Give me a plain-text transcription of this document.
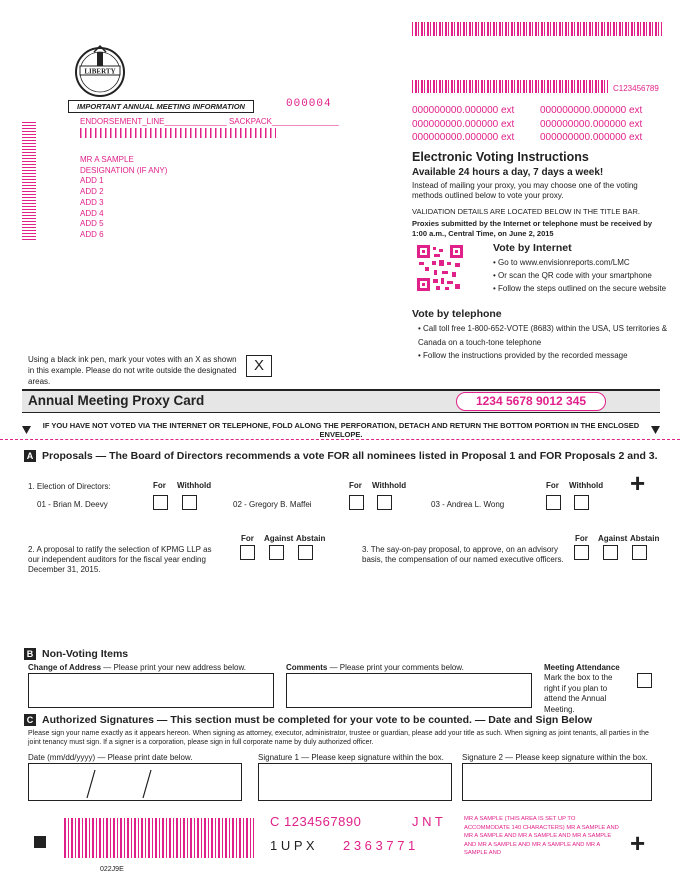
LIBERTY
IMPORTANT ANNUAL MEETING INFORMATION	000004
ENDORSEMENT_LINE______________ SACKPACK_______________
MR A SAMPLE
DESIGNATION (IF ANY)
ADD 1
ADD 2
ADD 3
ADD 4
ADD 5
ADD 6
C123456789
000000000.000000 ext	000000000.000000 ext
000000000.000000 ext	000000000.000000 ext
000000000.000000 ext	000000000.000000 ext
Electronic Voting Instructions
Available 24 hours a day, 7 days a week!
Instead of mailing your proxy, you may choose one of the voting methods outlined below to vote your proxy.
VALIDATION DETAILS ARE LOCATED BELOW IN THE TITLE BAR.
Proxies submitted by the Internet or telephone must be received by 1:00 a.m., Central Time, on June 2, 2015
Vote by Internet
• Go to www.envisionreports.com/LMC
• Or scan the QR code with your smartphone
• Follow the steps outlined on the secure website
Vote by telephone
• Call toll free 1-800-652-VOTE (8683) within the USA, US territories & Canada on a touch-tone telephone
• Follow the instructions provided by the recorded message
Using a black ink pen, mark your votes with an X as shown in this example. Please do not write outside the designated areas.
X
Annual Meeting Proxy Card	1234 5678 9012 345
IF YOU HAVE NOT VOTED VIA THE INTERNET OR TELEPHONE, FOLD ALONG THE PERFORATION, DETACH AND RETURN THE BOTTOM PORTION IN THE ENCLOSED ENVELOPE.
A Proposals — The Board of Directors recommends a vote FOR all nominees listed in Proposal 1 and FOR Proposals 2 and 3.
1. Election of Directors:	+
For Withhold	For Withhold	For Withhold
01 - Brian M. Deevy	02 - Gregory B. Maffei	03 - Andrea L. Wong
For Against Abstain
2. A proposal to ratify the selection of KPMG LLP as our independent auditors for the fiscal year ending December 31, 2015.
For Against Abstain
3. The say-on-pay proposal, to approve, on an advisory basis, the compensation of our named executive officers.
B Non-Voting Items
Change of Address — Please print your new address below.	Comments — Please print your comments below.	Meeting Attendance
Mark the box to the right if you plan to attend the Annual Meeting.
C Authorized Signatures — This section must be completed for your vote to be counted. — Date and Sign Below
Please sign your name exactly as it appears hereon. When signing as attorney, executor, administrator, trustee or guardian, please add your title as such. When signing as joint tenants, all parties in the joint tenancy must sign. If a signer is a corporation, please sign in full corporate name by duly authorized officer.
Date (mm/dd/yyyy) — Please print date below.	Signature 1 — Please keep signature within the box. Signature 2 — Please keep signature within the box.
C 1234567890	J N T
1 U P X 2 3 6 3 7 7 1
MR A SAMPLE (THIS AREA IS SET UP TO ACCOMMODATE 140 CHARACTERS) MR A SAMPLE AND MR A SAMPLE AND MR A SAMPLE AND MR A SAMPLE AND MR A SAMPLE AND MR A SAMPLE AND MR A SAMPLE AND	+
022J9E
